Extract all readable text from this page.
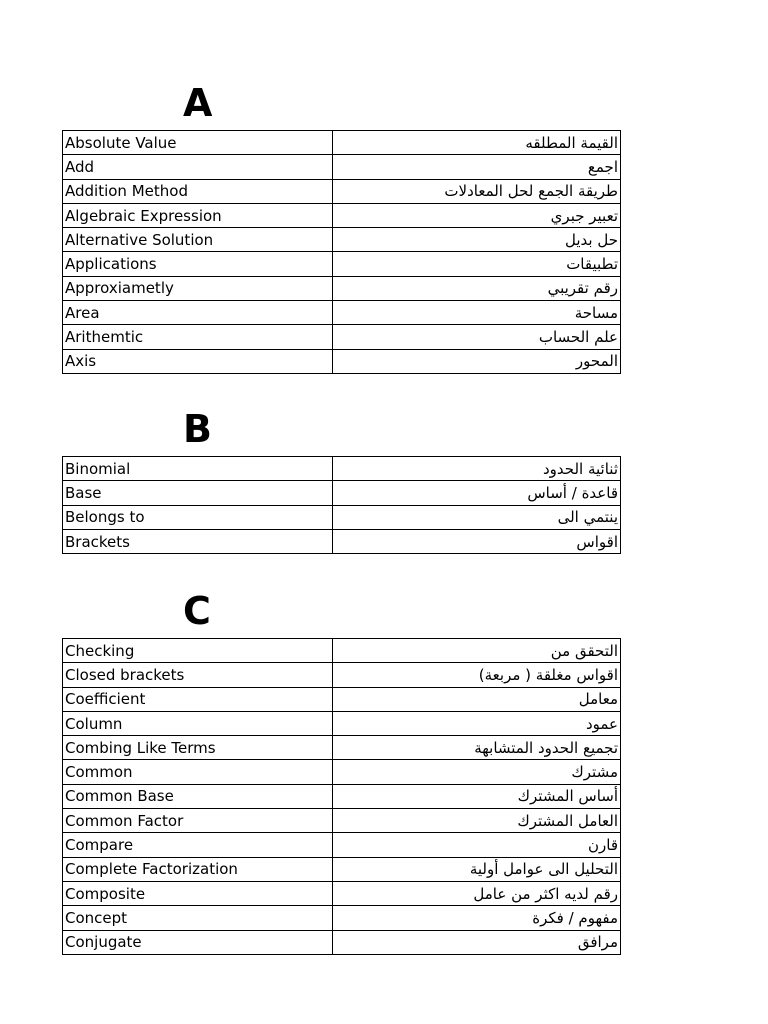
A
Absolute Value	القيمة المطلقه
Add	اجمع
Addition Method	طريقة الجمع لحل المعادلات
Algebraic Expression	تعبير جبري
Alternative Solution	حل بديل
Applications	تطبيقات
Approxiametly	رقم تقريبي
Area	مساحة
Arithemtic	علم الحساب
Axis	المحور
B
Binomial	ثنائية الحدود
Base	قاعدة / أساس
Belongs to	ينتمي الى
Brackets	اقواس
C
Checking	التحقق من
Closed brackets	اقواس مغلقة ( مربعة)
Coefficient	معامل
Column	عمود
Combing Like Terms	تجميع الحدود المتشابهة
Common	مشترك
Common Base	أساس المشترك
Common Factor	العامل المشترك
Compare	قارن
Complete Factorization	التحليل الى عوامل أولية
Composite	رقم لديه اكثر من عامل
Concept	مفهوم / فكرة
Conjugate	مرافق
